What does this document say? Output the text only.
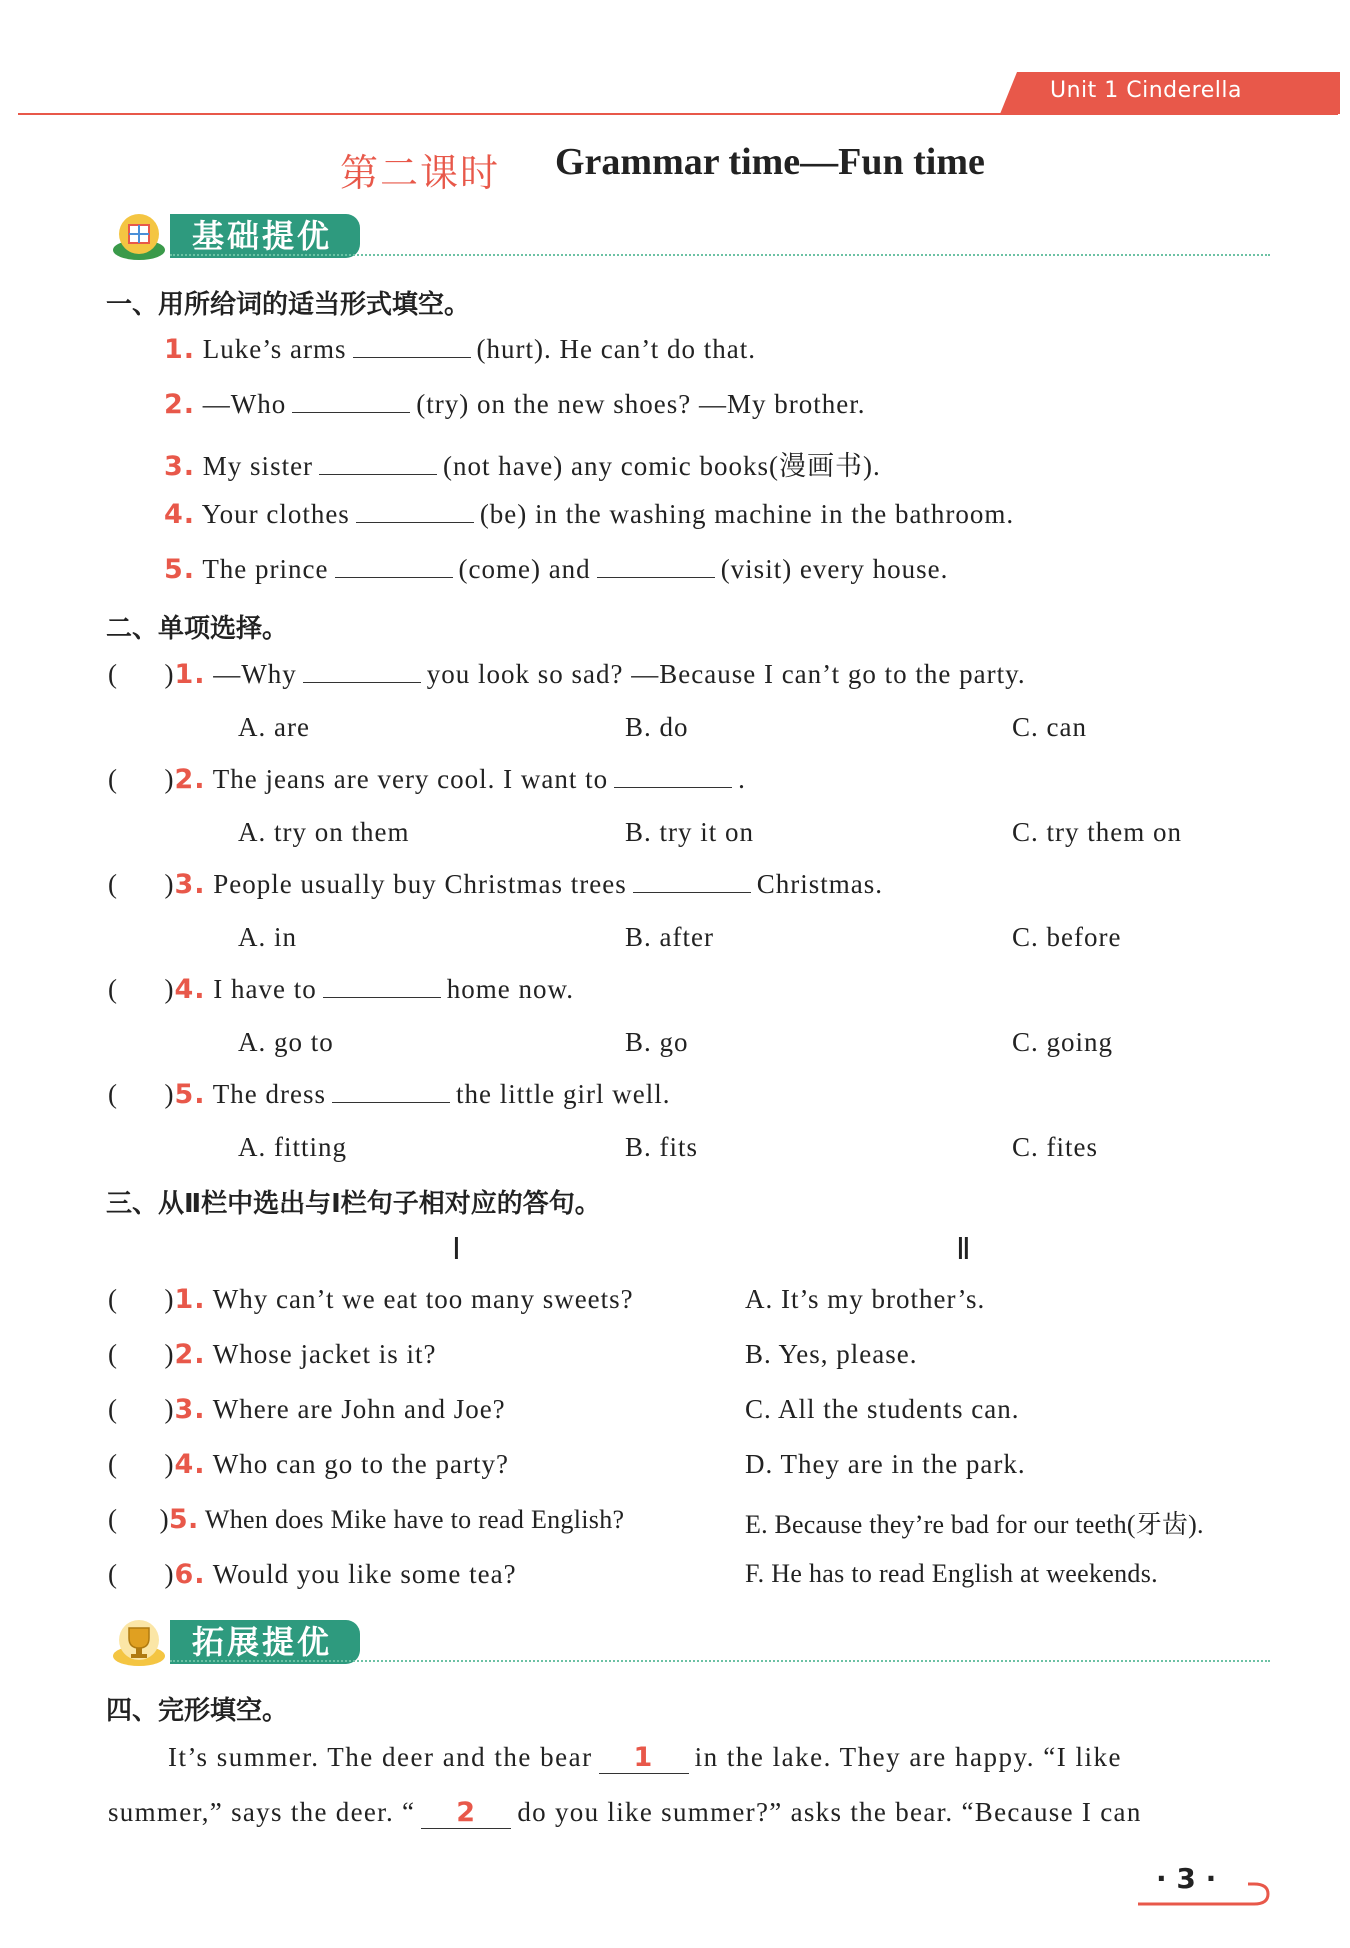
Unit 1 Cinderella
第二课时 Grammar time—Fun time
基础提优
一、用所给词的适当形式填空。
1. Luke’s arms	(hurt). He can’t do that.
2. —Who	(try) on the new shoes? —My brother.
3. My sister	(not have) any comic books(漫画书).
4. Your clothes	(be) in the washing machine in the bathroom.
5. The prince	(come) and	(visit) every house.
二、单项选择。
(      )1. —Why	you look so sad? —Because I can’t go to the party.
A. are	B. do	C. can
(      )2. The jeans are very cool. I want to	.
A. try on them	B. try it on	C. try them on
(      )3. People usually buy Christmas trees	Christmas.
A. in	B. after	C. before
(      )4. I have to	home now.
A. go to	B. go	C. going
(      )5. The dress	the little girl well.
A. fitting	B. fits	C. fites
三、从Ⅱ栏中选出与Ⅰ栏句子相对应的答句。
Ⅰ	Ⅱ
(      )1. Why can’t we eat too many sweets?	A. It’s my brother’s.
(      )2. Whose jacket is it?	B. Yes, please.
(      )3. Where are John and Joe?	C. All the students can.
(      )4. Who can go to the party?	D. They are in the park.
(      )5. When does Mike have to read English?	E. Because they’re bad for our teeth(牙齿).
(      )6. Would you like some tea?	F. He has to read English at weekends.
拓展提优
四、完形填空。
It’s summer. The deer and the bear 1 in the lake. They are happy. “I like
summer,” says the deer. “ 2 do you like summer?” asks the bear. “Because I can
· 3 ·
